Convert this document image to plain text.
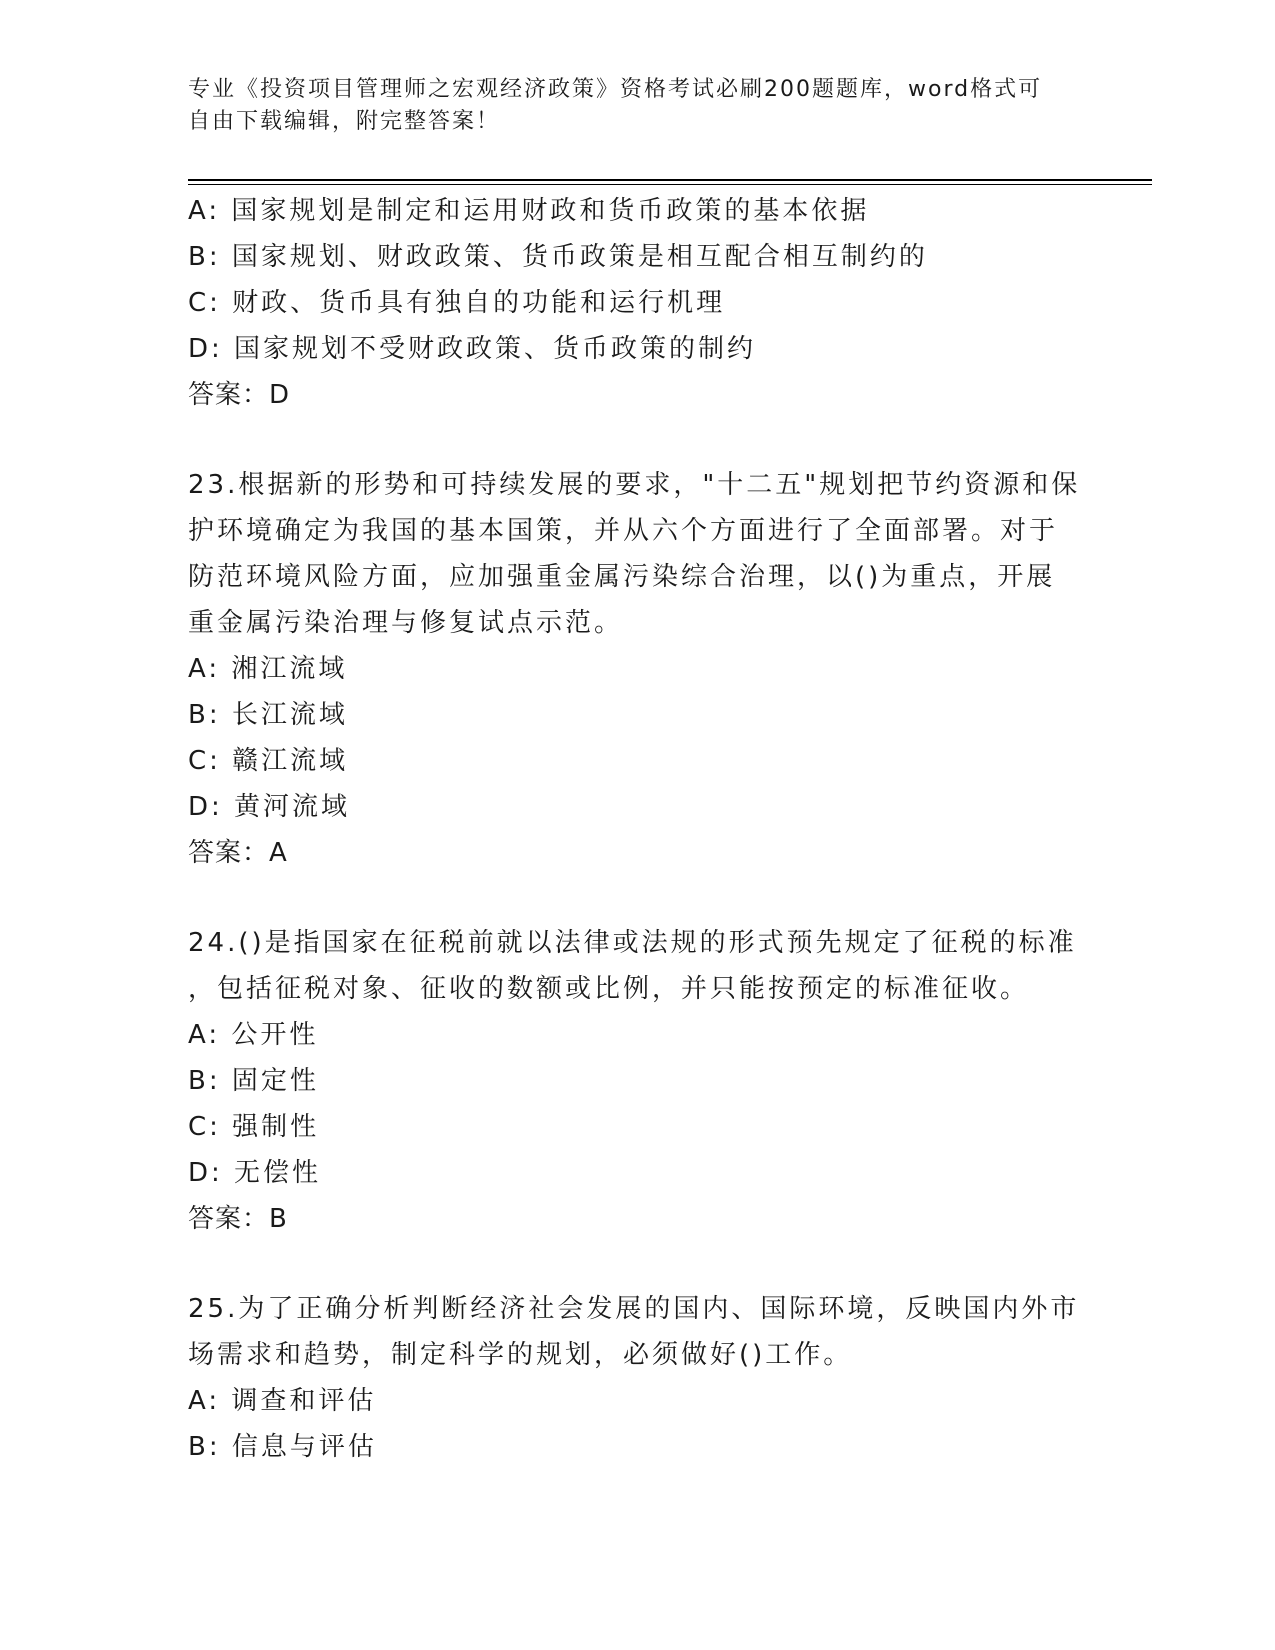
专业《投资项目管理师之宏观经济政策》资格考试必刷200题题库，word格式可
自由下载编辑，附完整答案！
A: 国家规划是制定和运用财政和货币政策的基本依据
B: 国家规划、财政政策、货币政策是相互配合相互制约的
C: 财政、货币具有独自的功能和运行机理
D: 国家规划不受财政政策、货币政策的制约
答案：D
23.根据新的形势和可持续发展的要求，"十二五"规划把节约资源和保
护环境确定为我国的基本国策，并从六个方面进行了全面部署。对于
防范环境风险方面，应加强重金属污染综合治理，以()为重点，开展
重金属污染治理与修复试点示范。
A: 湘江流域
B: 长江流域
C: 赣江流域
D: 黄河流域
答案：A
24.()是指国家在征税前就以法律或法规的形式预先规定了征税的标准
，包括征税对象、征收的数额或比例，并只能按预定的标准征收。
A: 公开性
B: 固定性
C: 强制性
D: 无偿性
答案：B
25.为了正确分析判断经济社会发展的国内、国际环境，反映国内外市
场需求和趋势，制定科学的规划，必须做好()工作。
A: 调查和评估
B: 信息与评估
